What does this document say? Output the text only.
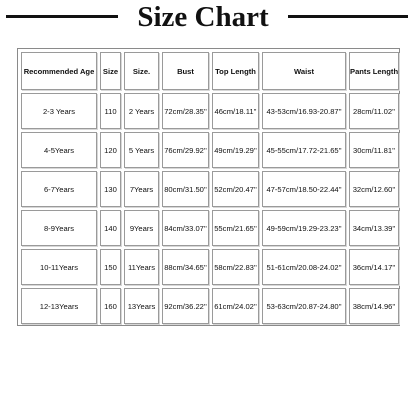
Size Chart
Recommended Age	Size	Size.	Bust	Top Length	Waist	Pants Length
2-3 Years	110	2 Years	72cm/28.35''	46cm/18.11''	43-53cm/16.93-20.87''	28cm/11.02''
4-5Years	120	5 Years	76cm/29.92''	49cm/19.29''	45-55cm/17.72-21.65''	30cm/11.81''
6-7Years	130	7Years	80cm/31.50''	52cm/20.47''	47-57cm/18.50-22.44''	32cm/12.60''
8-9Years	140	9Years	84cm/33.07''	55cm/21.65''	49-59cm/19.29-23.23''	34cm/13.39''
10-11Years	150	11Years	88cm/34.65''	58cm/22.83''	51-61cm/20.08-24.02''	36cm/14.17''
12-13Years	160	13Years	92cm/36.22''	61cm/24.02''	53-63cm/20.87-24.80''	38cm/14.96''
